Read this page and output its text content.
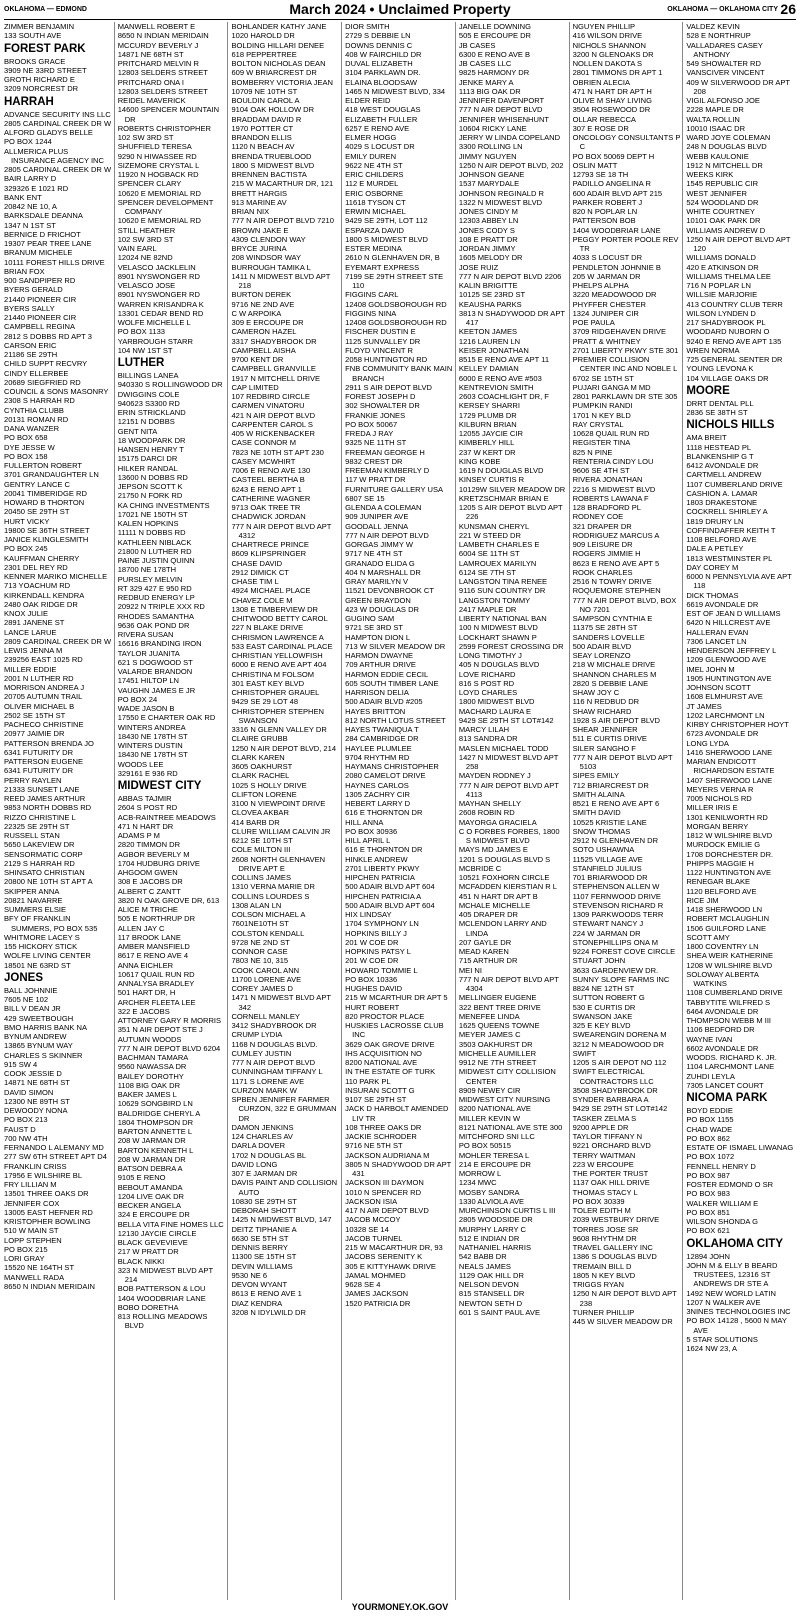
OKLAHOMA — EDMOND	March 2024 • Unclaimed Property	OKLAHOMA — OKLAHOMA CITY 26
ZIMMER BENJAMIN
133 SOUTH AVE
FOREST PARK
BROOKS GRACE
3909 NE 33RD STREET
GROTH RICHARD E
3209 NORCREST DR
HARRAH
ADVANCE SECURITY INS LLC
2805 CARDINAL CREEK DR W
ALFORD GLADYS BELLE
PO BOX 1244
ALLMERICA PLUS INSURANCE AGENCY INC
2805 CARDINAL CREEK DR W
BAIR LARRY D
329326 E 1021 RD
BANK ENT
20842 NE 10, A
BARKSDALE DEANNA
1347 N 1ST ST
BERNICE D FRICHOT
19307 PEAR TREE LANE
BRANUM MICHELE
10111 FOREST HILLS DRIVE
BRIAN FOX
900 SANDPIPER RD
BYERS GERALD
21440 PIONEER CIR
BYERS SALLY
21440 PIONEER CIR
CAMPBELL REGINA
2812 S DOBBS RD APT 3
CARSON ERIC
21186 SE 29TH
CHILD SUPPT RECVRY
CINDY ELLERBEE
20689 SIEGFRIED RD
COUNCIL & SONS MASONRY
2308 S HARRAH RD
CYNTHIA CLUBB
20131 ROMAN RD
DANA WANZER
PO BOX 658
DYE JESSE W
PO BOX 158
FULLERTON ROBERT
3701 GRANDAUGHTER LN
GENTRY LANCE C
20041 TIMBERIDGE RD
HOWARD B THORTON
20450 SE 29TH ST
HURT VICKY
19800 SE 36TH STREET
JANICE KLINGLESMITH
PO BOX 245
KAUFFMAN CHERRY
2301 DEL REY RD
KENNER MARIKO MICHELLE
713 YOACHUM RD
KIRKENDALL KENDRA
2480 OAK RIDGE DR
KNOX JULIE
2891 JANENE ST
LANCE LARUE
2809 CARDINAL CREEK DR W
LEWIS JENNA M
239256 EAST 1025 RD
MILLER EDDIE
2001 N LUTHER RD
MORRISON ANDREA J
20705 AUTUMN TRAIL
OLIVER MICHAEL B
2502 SE 15TH ST
PACHECO CHRISTINE
20977 JAIMIE DR
PATTERSON BRENDA JO
6341 FUTURITY DR
PATTERSON EUGENE
6341 FUTURITY DR
PERRY RAYLEN
21333 SUNSET LANE
REED JAMES ARTHUR
9853 NORTH DOBBS RD
RIZZO CHRISTINE L
22325 SE 29TH ST
RUSSELL STAN
5650 LAKEVIEW DR
SENSORMATIC CORP
2129 S HARRAH RD
SHINSATO CHRISTIAN
20800 NE 10TH ST APT A
SKIPPER ANNA
20821 NAVARRE
SUMMERS ELSIE
BFY OF FRANKLIN SUMMERS, PO BOX 535
WHITMORE LACEY S
155 HICKORY STICK
WOLFE LIVING CENTER
18501 NE 63RD ST
JONES
BALL JOHNNIE
7605 NE 102
BILL V DEAN JR
429 SWEETBOUGH
BMO HARRIS BANK NA
BYNUM ANDREW
13865 BYNUM WAY
CHARLES S SKINNER
915 SW 4
COOK JESSIE D
14871 NE 68TH ST
DAVID SIMON
12300 NE 89TH ST
DEWOODY NONA
PO BOX 213
FAUST D
700 NW 4TH
FERNANDO L ALEMANY MD
277 SW 6TH STREET APT D4
FRANKLIN CRISS
17956 E WILSHIRE BL
FRY LILLIAN M
13501 THREE OAKS DR
JENNIFER COX
13005 EAST HEFNER RD
KRISTOPHER BOWLING
510 W MAIN ST
LOPP STEPHEN
PO BOX 215
LORI GRAY
15520 NE 164TH ST
MANWELL RADA
8650 N INDIAN MERIDAIN
MANWELL ROBERT E
8650 N INDIAN MERIDAIN
MCCURDY BEVERLY J
14871 NE 68TH ST
PRITCHARD MELVIN R
12803 SELDERS STREET
PRITCHARD ONA I
12803 SELDERS STREET
REIDEL MAVERICK
14600 SPENCER MOUNTAIN DR
ROBERTS CHRISTOPHER
102 SW 3RD ST
SHUFFIELD TERESA
9290 N HIWASSEE RD
SIZEMORE CRYSTAL L
11920 N HOGBACK RD
SPENCER CLARY
10620 E MEMORIAL RD
SPENCER DEVELOPMENT COMPANY
10620 E MEMORIAL RD
STILL HEATHER
102 SW 3RD ST
VAIN EARL
12024 NE 82ND
VELASCO JACKLELIN
8901 NYSWONGER RD
VELASCO JOSE
8901 NYSWONGER RD
WARREN KRISANDRA K
13301 CEDAR BEND RD
WOLFE MICHELLE L
PO BOX 1133
YARBROUGH STARR
104 NW 1ST ST
LUTHER
BILLINGS LANEA
940330 S ROLLINGWOOD DR
DWIGGINS COLE
940623 S3300 RD
ERIN STRICKLAND
12151 N DOBBS
GENT NITA
18 WOODPARK DR
HANSEN HENRY T
15175 DARCI DR
HILKER RANDAL
13600 N DOBBS RD
JEPSON SCOTT K
21750 N FORK RD
KA CHING INVESTMENTS
17021 NE 150TH ST
KALEN HOPKINS
11111 N DOBBS RD
KATHLEEN NIBLACK
21800 N LUTHER RD
PAINE JUSTIN QUINN
18700 NE 178TH
PURSLEY MELVIN
RT 329 427 E 950 RD
REDBUD ENERGY LP
20922 N TRIPLE XXX RD
RHODES SAMANTHA
9636 OAK POND DR
RIVERA SUSAN
16616 BRANDING IRON
TAYLOR JUANITA
621 S DOGWOOD ST
VALARDE BRANDON
17451 HILTOP LN
VAUGHN JAMES E JR
PO BOX 24
WADE JASON B
17550 E CHARTER OAK RD
WINTERS ANDREA
18430 NE 178TH ST
WINTERS DUSTIN
18430 NE 178TH ST
WOODS LEE
329161 E 936 RD
MIDWEST CITY
ABBAS TAJMIR
2604 S POST RD
ACB-RAINTREE MEADOWS
471 N HART DR
ADAMS P M
2820 TIMMON DR
AGBOR BEVERLY M
1704 HUDBURG DRIVE
AHGOOM GWEN
308 E JACOBS DR
ALBERT C ZANTT
3820 N OAK GROVE DR, 613
ALICE M TRICHE
505 E NORTHRUP DR
ALLEN JAY C
117 BROOK LANE
AMBER MANSFIELD
8617 E RENO AVE 4
ANNA EICHLER
10617 QUAIL RUN RD
ANNALYSA BRADLEY
501 HART DR, H
ARCHER FLEETA LEE
322 E JACOBS
ATTORNEY GARY R MORRIS
351 N AIR DEPOT STE J
AUTUMN WOODS
777 N AIR DEPOT BLVD 6204
BACHMAN TAMARA
9560 NAWASSA DR
BAILEY DOROTHY
1108 BIG OAK DR
BAKER JAMES L
10629 SONGBIRD LN
BALDRIDGE CHERYL A
1804 THOMPSON DR
BARTON ANNETTE L
208 W JARMAN DR
BARTON KENNETH L
208 W JARMAN DR
BATSON DEBRA A
9105 E RENO
BEBOUT AMANDA
1204 LIVE OAK DR
BECKER ANGELA
324 E ERCOUPE DR
BELLA VITA FINE HOMES LLC
12130 JAYCIE CIRCLE
BLACK GEVEVIEVE
217 W PRATT DR
BLACK NIKKI
323 N MIDWEST BLVD APT 214
BOB PATTERSON & LOU
1404 WOODBRIAR LANE
BOBO DORETHA
813 ROLLING MEADOWS BLVD
BOHLANDER KATHY JANE
1020 HAROLD DR
BOLDING HILLARI DENEE
618 PEPPERTREE
BOLTON NICHOLAS DEAN
609 W BRIARCREST DR
BOMBERRY VICTORIA JEAN
10709 NE 10TH ST
BOULDIN CAROL A
9104 OAK HOLLOW DR
BRADDAM DAVID R
1970 POTTER CT
BRANDON ELLIS
1120 N BEACH AV
BRENDA TRUEBLOOD
1800 S MIDWEST BLVD
BRENNEN BACTISTA
215 W MACARTHUR DR, 121
BRETT HARGIS
913 MARINE AV
BRIAN NIX
777 N AIR DEPOT BLVD 7210
BROWN JAKE E
4309 CLENDON WAY
BRYCE JURINA
208 WINDSOR WAY
BURROUGH TAMIKA L
1411 N MIDWEST BLVD APT 218
BURTON DEREK
9716 NE 2ND AVE
C W ARPOIKA
309 E ERCOUPE DR
CAMERON HAZEL
3317 SHADYBROOK DR
CAMPBELL AISHA
9700 KENT DR
CAMPBELL GRANVILLE
1917 N MITCHELL DRIVE
CAP LIMITED
107 REDBIRD CIRCLE
CARMEN VINATORU
421 N AIR DEPOT BLVD
CARPENTER CAROL S
405 W RICKENBACKER
CASE CONNOR M
7823 NE 10TH ST APT 230
CASEY MCWHIRT
7006 E RENO AVE 130
CASTEEL BERTHA B
6243 E RENO APT 1
CATHERINE WAGNER
9713 OAK TREE TR
CHADWICK JORDAN
777 N AIR DEPOT BLVD APT 4312
CHARTRECE PRINCE
8609 KLIPSPRINGER
CHASE DAVID
2912 DIMICK CT
CHASE TIM L
4924 MICHAEL PLACE
CHAVEZ COLE M
1308 E TIMBERVIEW DR
CHITWOOD BETTY CAROL
227 N BLAKE DRIVE
CHRISMON LAWRENCE A
533 EAST CARDINAL PLACE
CHRISTIAN YELLOWFISH
6000 E RENO AVE APT 404
CHRISTINA M FOLSOM
301 EAST KEY BLVD
CHRISTOPHER GRAUEL
9429 SE 29 LOT 48
CHRISTOPHER STEPHEN SWANSON
3316 N GLENN VALLEY DR
CLAIRE GRUBB
1250 N AIR DEPOT BLVD, 214
CLARK KAREN
3605 OAKHURST
CLARK RACHEL
1025 S HOLLY DRIVE
CLIFTON LORENE
3100 N VIEWPOINT DRIVE
CLOVEA AKBAR
414 BARB DR
CLURE WILLIAM CALVIN JR
6212 SE 10TH ST
COLE MILTON III
2608 NORTH GLENHAVEN DRIVE APT E
COLLINS JAMES
1310 VERNA MARIE DR
COLLINS LOURDES S
1308 ALAN LN
COLSON MICHAEL A
7601NE10TH ST
COLSTON KENDALL
9728 NE 2ND ST
CONNOR CASE
7803 NE 10, 315
COOK CAROL ANN
11700 LORENE AVE
COREY JAMES D
1471 N MIDWEST BLVD APT 342
CORNELL MANLEY
3412 SHADYBROOK DR
CRUMP LYDIA
1168 N DOUGLAS BLVD.
CUMLEY JUSTIN
777 N AIR DEPOT BLVD
CUNNINGHAM TIFFANY L
1171 S LORENE AVE
CURZON MARK W
SPBEN JENNIFER FARMER CURZON, 322 E GRUMMAN DR
DAMON JENKINS
124 CHARLES AV
DARLA DOVER
1702 N DOUGLAS BL
DAVID LONG
307 E JARMAN DR
DAVIS PAINT AND COLLISION AUTO
10830 SE 29TH ST
DEBORAH SHOTT
1425 N MIDWEST BLVD, 147
DEITZ TIPHANIE A
6630 SE 5TH ST
DENNIS BERRY
11300 SE 15TH ST
DEVIN WILLIAMS
9530 NE 6
DEVON WYANT
8613 E RENO AVE 1
DIAZ KENDRA
3208 N IDYLWILD DR
DIOR SMITH
2729 S DEBBIE LN
DOWNS DENNIS C
408 W FAIRCHILD DR
DUVAL ELIZABETH
3104 PARKLAWN DR.
ELAINA BLOODSAW
1465 N MIDWEST BLVD, 334
ELDER REID
418 WEST DOUGLAS
ELIZABETH FULLER
6257 E RENO AVE
ELMER HOGG
4029 S LOCUST DR
EMILY DUREN
9622 NE 4TH ST
ERIC CHILDERS
112 E MURDEL
ERIC OSBORNE
11618 TYSON CT
ERWIN MICHAEL
9429 SE 29TH, LOT 112
ESPARZA DAVID
1800 S MIDWEST BLVD
ESTER MEDINA
2610 N GLENHAVEN DR, B
EYEMART EXPRESS
7199 SE 29TH STREET STE 110
FIGGINS CARL
12408 GOLDSBOROUGH RD
FIGGINS NINA
12408 GOLDSBOROUGH RD
FISCHER DUSTIN E
1125 SUNVALLEY DR
FLOYD VINCENT R
2058 HUNTINGTON RD
FNB COMMUNITY BANK MAIN BRANCH
2911 S AIR DEPOT BLVD
FOREST JOSEPH D
302 SHOWALTER DR
FRANKIE JONES
PO BOX 50067
FREDA J RAY
9325 NE 11TH ST
FREEMAN GEORGE H
9832 CREST DR
FREEMAN KIMBERLY D
117 W PRATT DR
FURNITURE GALLERY USA
6807 SE 15
GLENDA A COLEMAN
909 JUNIPER AVE
GOODALL JENNA
777 N AIR DEPOT BLVD
GORGAS JIMMY W
9717 NE 4TH ST
GRANADO ELIDA G
404 N MARSHALL DR
GRAY MARILYN V
11521 DEVONBROOK CT
GREEN BRAYDON
423 W DOUGLAS DR
GUGINO SAM
9721 SE 3RD ST
HAMPTON DION L
713 W SILVER MEADOW DR
HARMON DWAYNE
709 ARTHUR DRIVE
HARMON EDDIE CECIL
605 SOUTH TIMBER LANE
HARRISON DELIA
500 ADAIR BLVD #205
HAYES BRITTON
812 NORTH LOTUS STREET
HAYES TWANIQUA T
284 CAMBRIDGE DR
HAYLEE PLUMLEE
9704 RHYTHM RD
HAYMANS CHRISTOPHER
2080 CAMELOT DRIVE
HAYNES CARLOS
1305 ZACHRY CIR
HEBERT LARRY D
616 E THORNTON DR
HILL ANNA
PO BOX 30936
HILL APRIL L
616 E THORNTON DR
HINKLE ANDREW
2701 LIBERTY PKWY
HIPCHEN PATRICIA
500 ADAIR BLVD APT 604
HIPCHEN PATRICIA A
500 ADAIR BLVD APT 604
HIX LINDSAY
1704 SYMPHONY LN
HOPKINS BILLY J
201 W COE DR
HOPKINS PATSY L
201 W COE DR
HOWARD TOMMIE L
PO BOX 10336
HUGHES DAVID
215 W MCARTHUR DR APT 5
HURT ROBERT
820 PROCTOR PLACE
HUSKIES LACROSSE CLUB INC
3629 OAK GROVE DRIVE
IHS ACQUISITION NO
8200 NATIONAL AVE
IN THE ESTATE OF TURK
110 PARK PL
INSURAN SCOTT G
9107 SE 29TH ST
JACK D HARBOLT AMENDED LIV TR
108 THREE OAKS DR
JACKIE SCHRODER
9716 NE 5TH ST
JACKSON AUDRIANA M
3805 N SHADYWOOD DR APT 431
JACKSON III DAYMON
1010 N SPENCER RD
JACKSON ISIA
417 N AIR DEPOT BLVD
JACOB MCCOY
10328 SE 14
JACOB TURNEL
215 W MACARTHUR DR, 93
JACOBS SERENITY K
305 E KITTYHAWK DRIVE
JAMAL MOHMED
9628 SE 4
JAMES JACKSON
1520 PATRICIA DR
JANELLE DOWNING
505 E ERCOUPE DR
JB CASES
6300 E RENO AVE B
JB CASES LLC
9825 HARMONY DR
JENKE MARY A
1113 BIG OAK DR
JENNIFER DAVENPORT
777 N AIR DEPOT BLVD
JENNIFER WHISENHUNT
10604 RICKY LANE
JERRY W LINDA COPELAND
3300 ROLLING LN
JIMMY NGUYEN
1250 N AIR DEPOT BLVD, 202
JOHNSON GEANE
1537 MARYDALE
JOHNSON REGINALD R
1322 N MIDWEST BLVD
JONES CINDY M
12303 ABBEY LN
JONES CODY S
108 E PRATT DR
JORDAN JIMMY
1605 MELODY DR
JOSE RUIZ
777 N AIR DEPOT BLVD 2206
KALIN BRIGITTE
10125 SE 23RD ST
KEAUSHA PARKS
3813 N SHADYWOOD DR APT 417
KEETON JAMES
1216 LAUREN LN
KEISER JONATHAN
8515 E RENO AVE APT 11
KELLEY DAMIAN
6000 E RENO AVE #503
KENTREVION SMITH
2603 COACHLIGHT DR, F
KERSEY SHARRI
1729 PLUMB DR
KILBURN BRIAN
12055 JAYCIE CIR
KIMBERLY HILL
237 W KERT DR
KING KOBE
1619 N DOUGLAS BLVD
KINSEY CURTIS R
10129W SILVER MEADOW DR
KRETZSCHMAR BRIAN E
1205 S AIR DEPOT BLVD APT 226
KUNSMAN CHERYL
221 W STEED DR
LAMBETH CHARLES E
6004 SE 11TH ST
LAMROUEX MARILYN
6124 SE 7TH ST
LANGSTON TINA RENEE
9116 SUN COUNTRY DR
LANGSTON TOMMY
2417 MAPLE DR
LIBERTY NATIONAL BAN
100 N MIDWEST BLVD
LOCKHART SHAWN P
2599 FOREST CROSSING DR
LONG TIMOTHY J
405 N DOUGLAS BLVD
LOVE RICHARD
816 S POST RD
LOYD CHARLES
1800 MIDWEST BLVD
MACHARD LAURA E
9429 SE 29TH ST LOT#142
MARCY LILAH
813 SANDRA DR
MASLEN MICHAEL TODD
1427 N MIDWEST BLVD APT 258
MAYDEN RODNEY J
777 N AIR DEPOT BLVD APT 4113
MAYHAN SHELLY
2608 ROBIN RD
MAYORGA GRACIELA
C O FORBES FORBES, 1800 S MIDWEST BLVD
MAYS MD JAMES E
1201 S DOUGLAS BLVD S
MCBRIDE C
10521 FOXHORN CIRCLE
MCFADDEN KIERSTIAN R L
451 N HART DR APT B
MCHALE MICHELLE
405 DRAPER DR
MCLENDON LARRY AND LINDA
207 GAYLE DR
MEAD KAREN
715 ARTHUR DR
MEI NI
777 N AIR DEPOT BLVD APT 4304
MELLINGER EUGENE
322 BENT TREE DRIVE
MENEFEE LINDA
1625 QUEENS TOWNE
MEYER JAMES C
3503 OAKHURST DR
MICHELLE AUMILLER
9912 NE 7TH STREET
MIDWEST CITY COLLISION CENTER
8909 NEWEY CIR
MIDWEST CITY NURSING
8200 NATIONAL AVE
MILLER KEVIN W
8121 NATIONAL AVE STE 300
MITCHFORD SNI LLC
PO BOX 50515
MOHLER TERESA L
214 E ERCOUPE DR
MORROW L
1234 MWC
MOSBY SANDRA
1330 ALVIOLA AVE
MURCHINSON CURTIS L III
2805 WOODSIDE DR
MURPHY LARRY C
512 E INDIAN DR
NATHANIEL HARRIS
542 BABB DR
NEALS JAMES
1129 OAK HILL DR
NELSON DEVON
815 STANSELL DR
NEWTON SETH D
601 S SAINT PAUL AVE
NGUYEN PHILLIP
416 WILSON DRIVE
NICHOLS SHANNON
3200 N GLENOAKS DR
NOLLEN DAKOTA S
2801 TIMMONS DR APT 1
OBRIEN ALECIA
471 N HART DR APT H
OLIVE M SHAY LIVING
3504 ROSEWOOD DR
OLLAR REBECCA
307 E ROSE DR
ONCOLOGY CONSULTANTS P C
PO BOX 50069 DEPT H
OSLIN MATT
12793 SE 18 TH
PADILLO ANGELINA R
600 ADAIR BLVD APT 215
PARKER ROBERT J
820 N POPLAR LN
PATTERSON BOB
1404 WOODBRIAR LANE
PEGGY PORTER POOLE REV TR
4033 S LOCUST DR
PENDLETON JOHNNIE B
205 W JARMAN DR
PHELPS ALPHA
3220 MEADOWOOD DR
PHYFFER CHESTER
1324 JUNIPER CIR
POE PAULA
3709 RIDGEHAVEN DRIVE
PRATT & WHITNEY
2701 LIBERTY PKWY STE 301
PREMIER COLLISION CENTER INC AND NOBLE L
6702 SE 15TH ST
PUJARI GANGA M MD
2801 PARKLAWN DR STE 305
PUMPKIN RANDI
1701 N KEY BLD
RAY CRYSTAL
10628 QUAIL RUN RD
REGISTER TINA
825 N PINE
RENTERIA CINDY LOU
9606 SE 4TH ST
RIVERA JONATHAN
2216 S MIDWEST BLVD
ROBERTS LAWANA F
128 BRADFORD PL
RODNEY COE
321 DRAPER DR
RODRIGUEZ MARCUS A
909 LEISURE DR
ROGERS JIMMIE H
8623 E RENO AVE APT 5
ROOK CHARLES
2516 N TOWRY DRIVE
ROQUEMORE STEPHEN
777 N AIR DEPOT BLVD, BOX NO 7201
SAMPSON CYNTHIA E
11375 SE 28TH ST
SANDERS LOVELLE
500 ADAIR BLVD
SEAY LORENZO
218 W MICHALE DRIVE
SHANNON CHARLES M
2820 S DEBBIE LANE
SHAW JOY C
116 N REDBUD DR
SHAW RICHARD
1928 S AIR DEPOT BLVD
SHEAR JENNIFER
511 E CURTIS DRIVE
SILER SANGHO F
777 N AIR DEPOT BLVD APT 5103
SIPES EMILY
712 BRIARCREST DR
SMITH ALAINA
8521 E RENO AVE APT 6
SMITH DAVID
10525 KRISTIE LANE
SNOW THOMAS
2912 N GLENHAVEN DR
SOTO USHAWNA
11525 VILLAGE AVE
STANFIELD JULIUS
701 BRIARWOOD DR
STEPHENSON ALLEN W
1107 FERNWOOD DRIVE
STEVENSON RICHARD R
1309 PARKWOODS TERR
STEWART NANCY J
224 W JARMAN DR
STONEPHILLIPS ONA M
9224 FOREST COVE CIRCLE
STUART JOHN
3633 GARDENVIEW DR.
SUNNY SLOPE FARMS INC
8824 NE 12TH ST
SUTTON ROBERT G
530 E CURTIS DR
SWANSON JAKE
325 E KEY BLVD
SWEARENGIN DORENA M
3212 N MEADOWOOD DR
SWIFT
1205 S AIR DEPOT NO 112
SWIFT ELECTRICAL CONTRACTORS LLC
3508 SHADYBROOK DR
SYNDER BARBARA A
9429 SE 29TH ST LOT#142
TASKER ZELMA S
9200 APPLE DR
TAYLOR TIFFANY N
9221 ORCHARD BLVD
TERRY WAITMAN
223 W ERCOUPE
THE PORTER TRUST
1137 OAK HILL DRIVE
THOMAS STACY L
PO BOX 30339
TOLER EDITH M
2039 WESTBURY DRIVE
TORRES JOSE SR
9608 RHYTHM DR
TRAVEL GALLERY INC
1386 S DOUGLAS BLVD
TREMAIN BILL D
1805 N KEY BLVD
TRIGGS RYAN
1250 N AIR DEPOT BLVD APT 238
TURNER PHILLIP
445 W SILVER MEADOW DR
VALDEZ KEVIN
528 E NORTHRUP
VALLADARES CASEY ANTHONY
549 SHOWALTER RD
VANSCIVER VINCENT
409 W SILVERWOOD DR APT 208
VIGIL ALFONSO JOE
2228 MAPLE DR
WALTA ROLLIN
10010 ISAAC DR
WARD JOYE COLEMAN
248 N DOUGLAS BLVD
WEBB KAULONIE
1912 N MITCHELL DR
WEEKS KIRK
1545 REPUBLIC CIR
WEST JENNIFER
524 WOODLAND DR
WHITE COURTNEY
10101 OAK PARK DR
WILLIAMS ANDREW D
1250 N AIR DEPOT BLVD APT 120
WILLIAMS DONALD
420 E ATKINSON DR
WILLIAMS THELMA LEE
716 N POPLAR LN
WILLSIE MARJORIE
413 COUNTRY CLUB TERR
WILSON LYNDEN D
217 SHADYBROOK PL
WOODARD NUBORN O
9240 E RENO AVE APT 135
WREN NORMA
725 GENERAL SENTER DR
YOUNG LEVONA K
104 VILLAGE OAKS DR
MOORE
DRRT DENTAL PLL
2836 SE 38TH ST
NICHOLS HILLS
AMA BREIT
1118 HESTEAD PL
BLANKENSHIP G T
6412 AVONDALE DR
CARTMELL ANDREW
1107 CUMBERLAND DRIVE
CASHION A. LAMAR
1803 DRAKESTONE
COCKRELL SHIRLEY A
1819 DRURY LN
COFFINDAFFER KEITH T
1108 BELFORD AVE
DALE A PETLEY
1813 WESTMINSTER PL
DAY COREY M
6000 N PENNSYLVIA AVE APT 118
DICK THOMAS
6619 AVONDALE DR
EST OF JEAN D WILLIAMS
6420 N HILLCREST AVE
HALLERAN EVAN
7306 LANCET LN
HENDERSON JEFFREY L
1209 GLENWOOD AVE
IMEL JOHN M
1905 HUNTINGTON AVE
JOHNSON SCOTT
1608 ELMHURST AVE
JT JAMES
1202 LARCHMONT LN
KIRBY CHRISTOPHER HOYT
6723 AVONDALE DR
LONG LYDA
1416 SHERWOOD LANE
MARIAN ENDICOTT RICHARDSON ESTATE
1407 SHERWOOD LANE
MEYERS VERNA R
7005 NICHOLS RD
MILLER IRIS E
1301 KENILWORTH RD
MORGAN BERRY
1812 W WILSHIRE BLVD
MURDOCK EMILIE G
1708 DORCHESTER DR.
PHIPPS MAGGIE H
1122 HUNTINGTON AVE
RENEGAR BLAKE
1120 BELFORD AVE
RICE JIM
1418 SHERWOOD LN
ROBERT MCLAUGHLIN
1506 GUILFORD LANE
SCOTT AMY
1800 COVENTRY LN
SHEA WEIR KATHERINE
1208 W WILSHIRE BLVD
SOLOWAY ALBERTA WATKINS
1108 CUMBERLAND DRIVE
TABBYTITE WILFRED S
6464 AVONDALE DR
THOMPSON WEBB M III
1106 BEDFORD DR
WAYNE IVAN
6602 AVONDALE DR
WOODS. RICHARD K. JR.
1104 LARCHMONT LANE
ZUHDI LEYLA
7305 LANCET COURT
NICOMA PARK
BOYD EDDIE
PO BOX 1155
CHAD WADE
PO BOX 862
ESTATE OF ISMAEL LIWANAG
PO BOX 1072
FENNELL HENRY D
PO BOX 987
FOSTER EDMOND O SR
PO BOX 983
WALKER WILLIAM E
PO BOX 851
WILSON SHONDA G
PO BOX 621
OKLAHOMA CITY
12894 JOHN
JOHN M & ELLY B BEARD TRUSTEES, 12316 ST ANDREWS DR STE A
1492 NEW WORLD LATIN
1207 N WALKER AVE
3NINES TECHNOLOGIES INC
PO BOX 14128 , 5600 N MAY AVE
5 STAR SOLUTIONS
1624 NW 23, A
YOURMONEY.OK.GOV
